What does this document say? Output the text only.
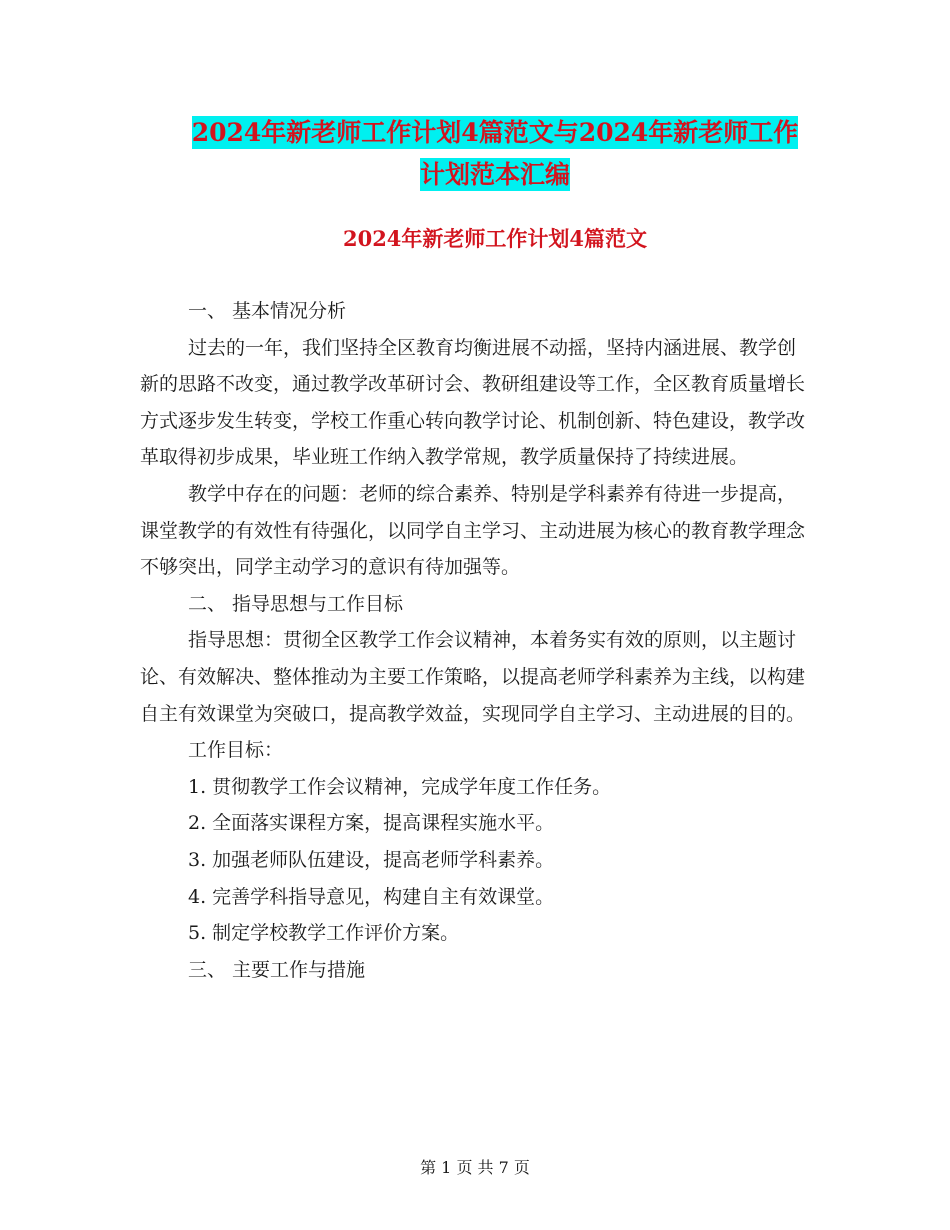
2024年新老师工作计划4篇范文与2024年新老师工作
计划范本汇编
2024年新老师工作计划4篇范文

一、 基本情况分析

过去的一年，我们坚持全区教育均衡进展不动摇，坚持内涵进展、教学创新的思路不改变，通过教学改革研讨会、教研组建设等工作，全区教育质量增长方式逐步发生转变，学校工作重心转向教学讨论、机制创新、特色建设，教学改革取得初步成果，毕业班工作纳入教学常规，教学质量保持了持续进展。

教学中存在的问题：老师的综合素养、特别是学科素养有待进一步提高，课堂教学的有效性有待强化，以同学自主学习、主动进展为核心的教育教学理念不够突出，同学主动学习的意识有待加强等。

二、 指导思想与工作目标

指导思想：贯彻全区教学工作会议精神，本着务实有效的原则，以主题讨论、有效解决、整体推动为主要工作策略，以提高老师学科素养为主线，以构建自主有效课堂为突破口，提高教学效益，实现同学自主学习、主动进展的目的。

工作目标：

1. 贯彻教学工作会议精神，完成学年度工作任务。

2. 全面落实课程方案，提高课程实施水平。

3. 加强老师队伍建设，提高老师学科素养。

4. 完善学科指导意见，构建自主有效课堂。

5. 制定学校教学工作评价方案。

三、 主要工作与措施

第 1 页 共 7 页
